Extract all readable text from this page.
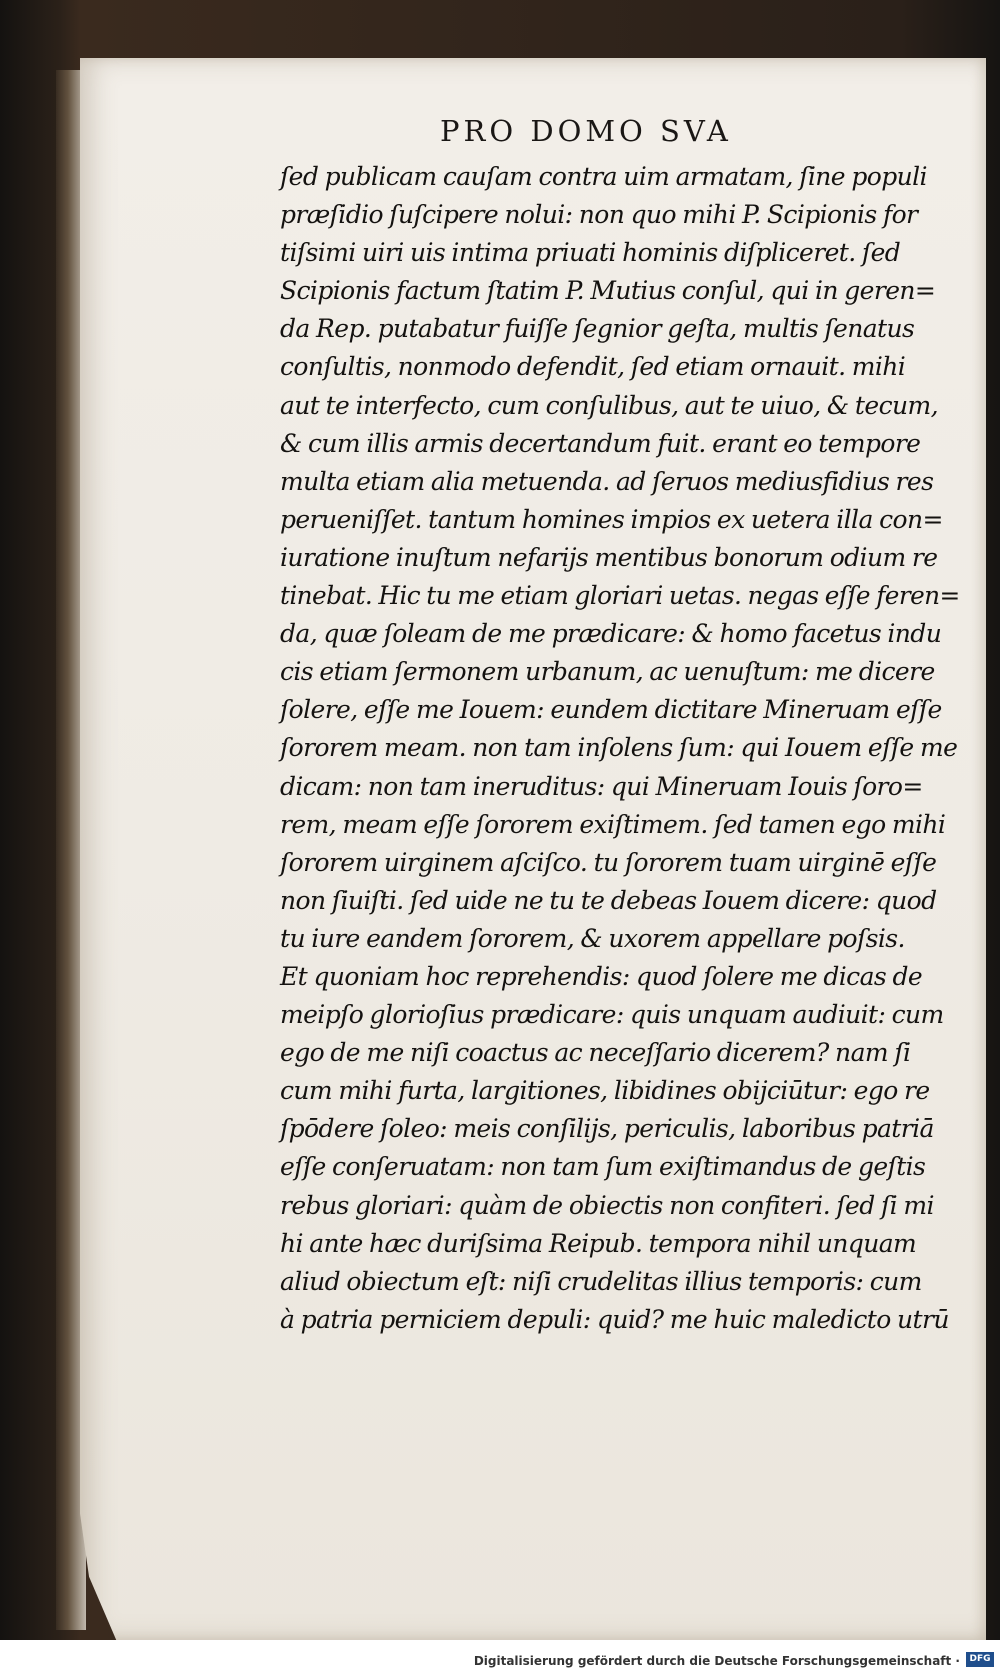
PRO DOMO SVA
ſed publicam cauſam contra uim armatam, ſine populi
præſidio ſuſcipere nolui: non quo mihi P. Scipionis for
tiſsimi uiri uis intima priuati hominis diſpliceret. ſed
Scipionis factum ſtatim P. Mutius conſul, qui in geren=
da Rep. putabatur fuiſſe ſegnior geſta, multis ſenatus
conſultis, nonmodo defendit, ſed etiam ornauit. mihi
aut te interfecto, cum conſulibus, aut te uiuo, & tecum,
& cum illis armis decertandum fuit. erant eo tempore
multa etiam alia metuenda. ad ſeruos mediusfidius res
perueniſſet. tantum homines impios ex uetera illa con=
iuratione inuſtum nefarijs mentibus bonorum odium re
tinebat. Hic tu me etiam gloriari uetas. negas eſſe feren=
da, quæ ſoleam de me prædicare: & homo facetus indu
cis etiam ſermonem urbanum, ac uenuſtum: me dicere
ſolere, eſſe me Iouem: eundem dictitare Mineruam eſſe
ſororem meam. non tam inſolens ſum: qui Iouem eſſe me
dicam: non tam ineruditus: qui Mineruam Iouis ſoro=
rem, meam eſſe ſororem exiſtimem. ſed tamen ego mihi
ſororem uirginem aſciſco. tu ſororem tuam uirginē eſſe
non ſiuiſti. ſed uide ne tu te debeas Iouem dicere: quod
tu iure eandem ſororem, & uxorem appellare poſsis.
Et quoniam hoc reprehendis: quod ſolere me dicas de
meipſo glorioſius prædicare: quis unquam audiuit: cum
ego de me niſi coactus ac neceſſario dicerem? nam ſi
cum mihi furta, largitiones, libidines obijciūtur: ego re
ſpōdere ſoleo: meis conſilijs, periculis, laboribus patriā
eſſe conſeruatam: non tam ſum exiſtimandus de geſtis
rebus gloriari: quàm de obiectis non confiteri. ſed ſi mi
hi ante hæc duriſsima Reipub. tempora nihil unquam
aliud obiectum eſt: niſi crudelitas illius temporis: cum
à patria perniciem depuli: quid? me huic maledicto utrū
Digitalisierung gefördert durch die Deutsche Forschungsgemeinschaft ·	DFG
